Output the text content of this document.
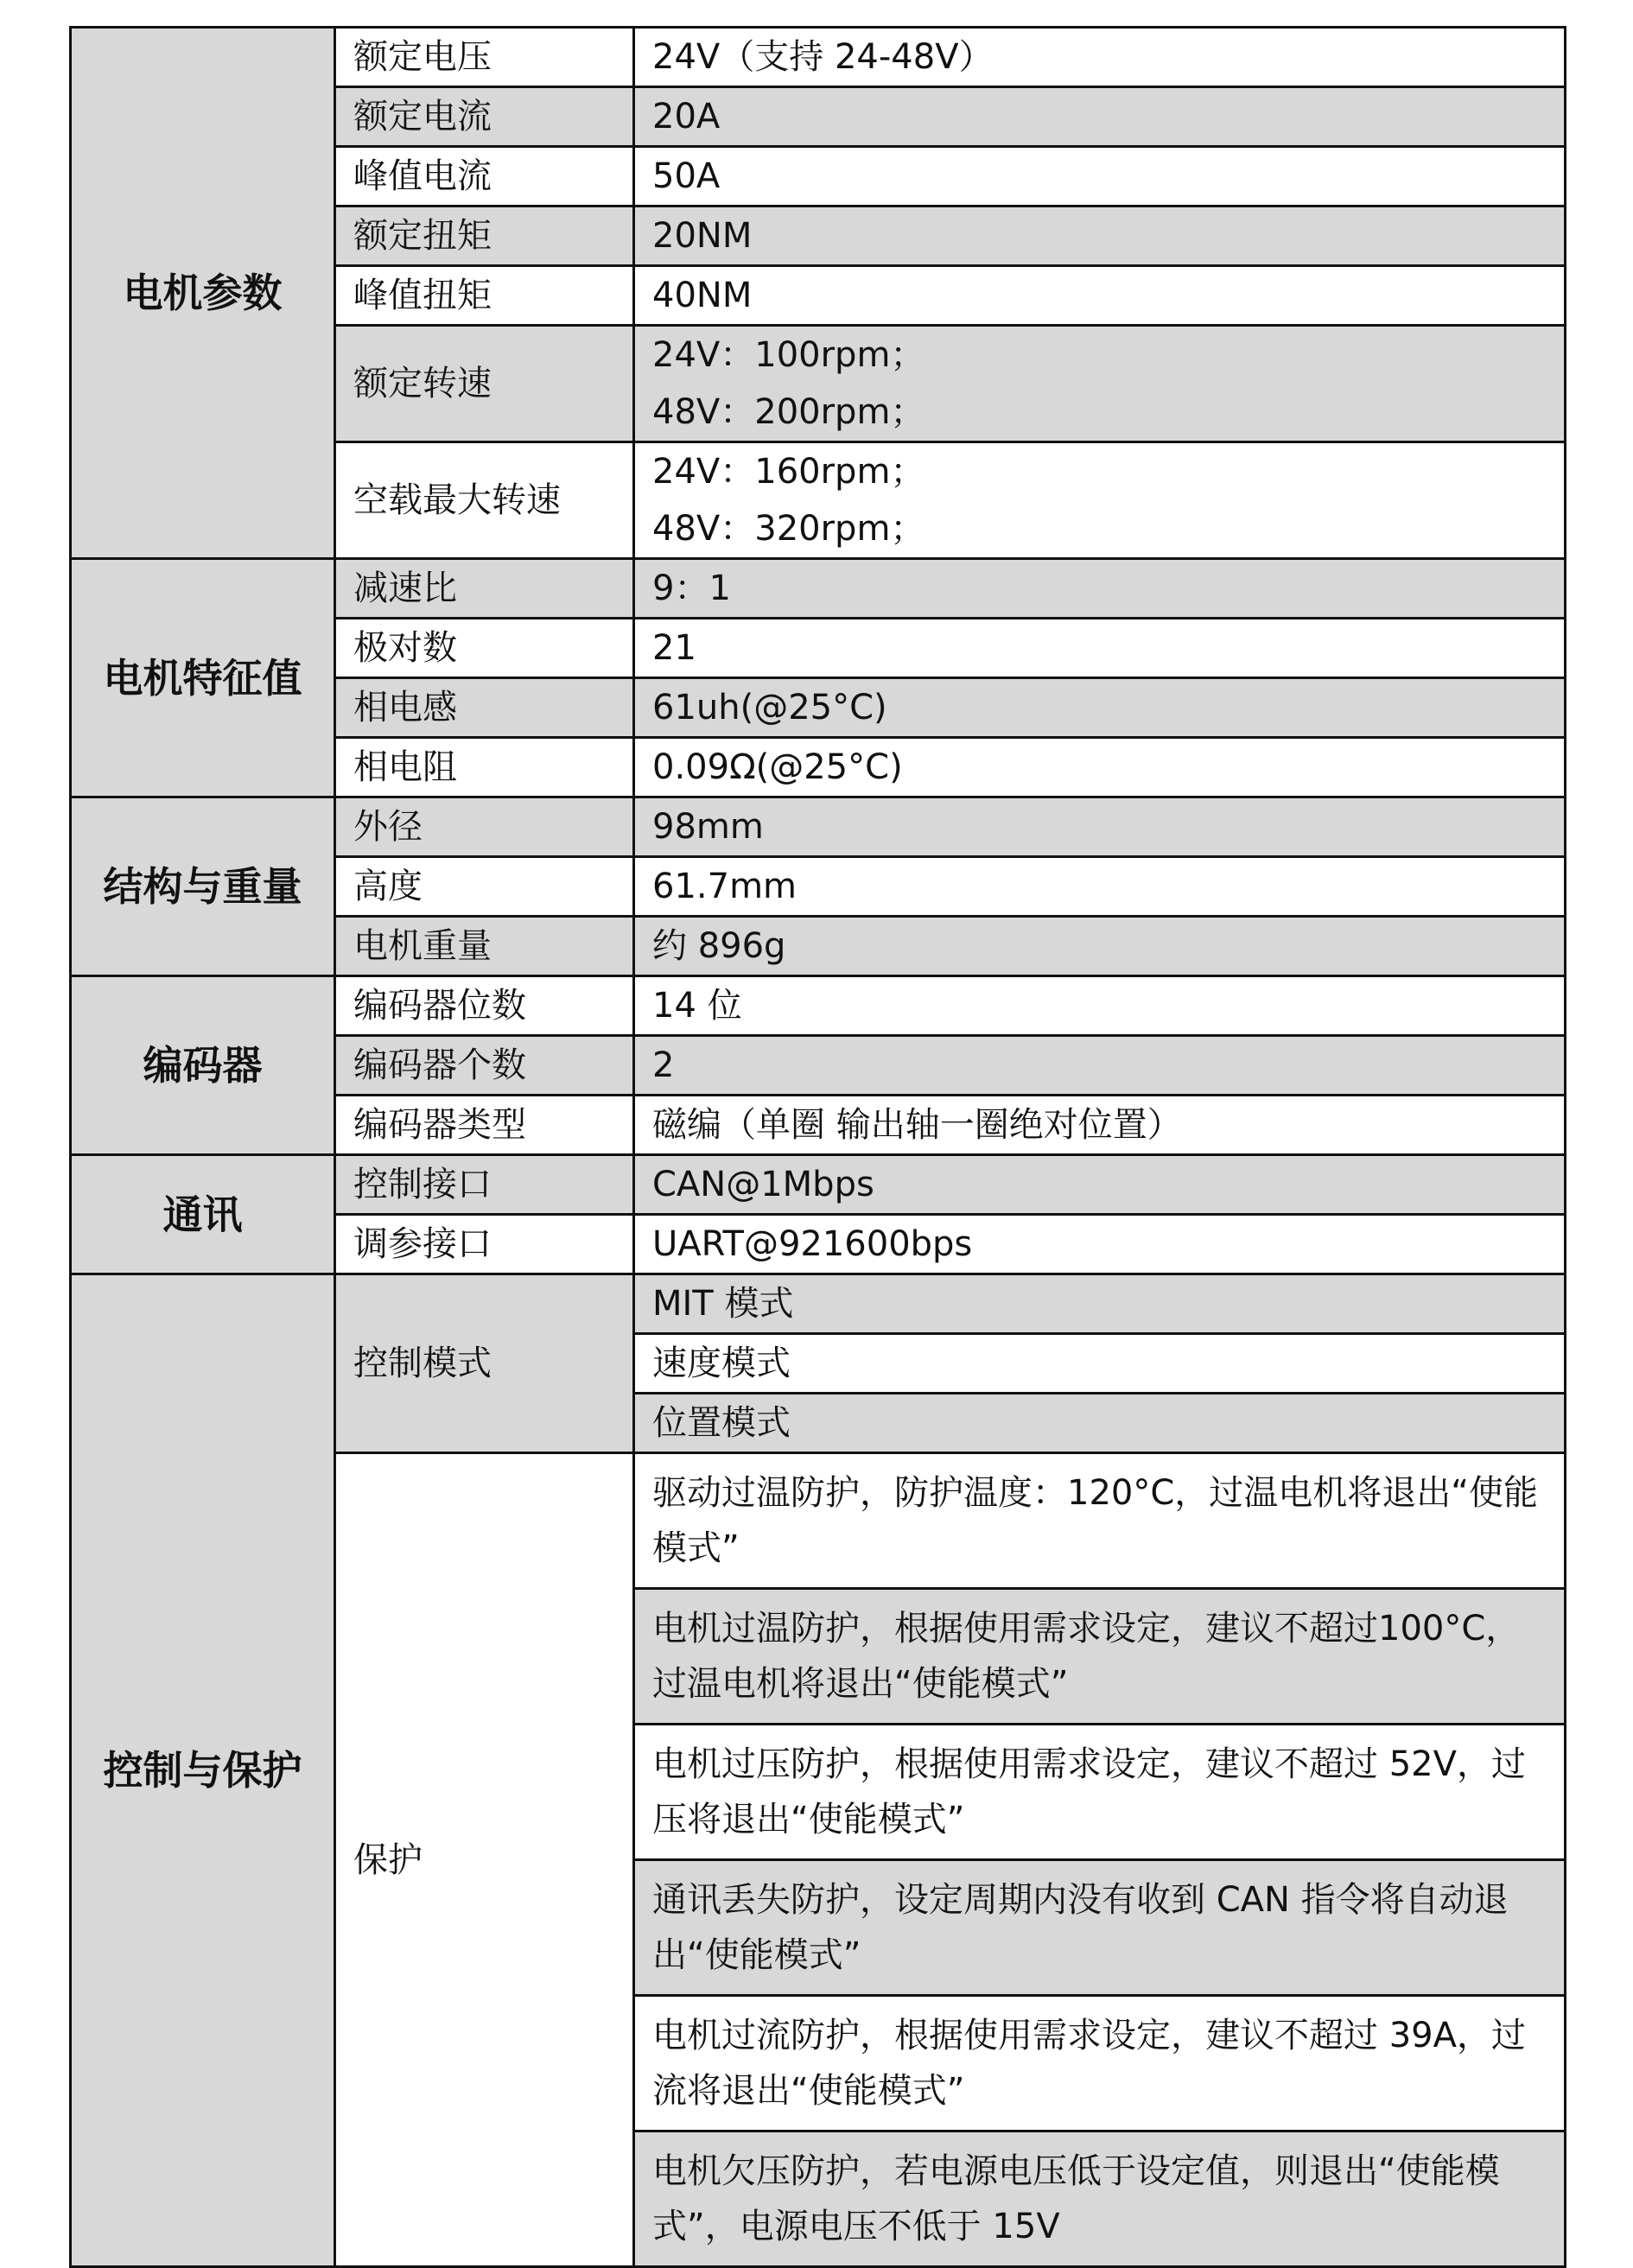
电机参数	额定电压	24V（支持 24-48V）
	额定电流	20A
	峰值电流	50A
	额定扭矩	20NM
	峰值扭矩	40NM
	额定转速	24V：100rpm；
48V：200rpm；

	空载最大转速	24V：160rpm；
48V：320rpm；

电机特征值	减速比	9：1
	极对数	21
	相电感	61uh(@25°C)
	相电阻	0.09Ω(@25°C)
结构与重量	外径	98mm
	高度	61.7mm
	电机重量	约 896g
编码器	编码器位数	14 位
	编码器个数	2
	编码器类型	磁编（单圈 输出轴一圈绝对位置）
通讯	控制接口	CAN@1Mbps
	调参接口	UART@921600bps
控制与保护	控制模式	MIT 模式
		速度模式
		位置模式
	保护	驱动过温防护，防护温度：120°C，过温电机将退出“使能模式”
		电机过温防护，根据使用需求设定，建议不超过100°C，过温电机将退出“使能模式”
		电机过压防护，根据使用需求设定，建议不超过 52V，过压将退出“使能模式”
		通讯丢失防护，设定周期内没有收到 CAN 指令将自动退出“使能模式”
		电机过流防护，根据使用需求设定，建议不超过 39A，过流将退出“使能模式”
		电机欠压防护，若电源电压低于设定值，则退出“使能模式”，电源电压不低于 15V
